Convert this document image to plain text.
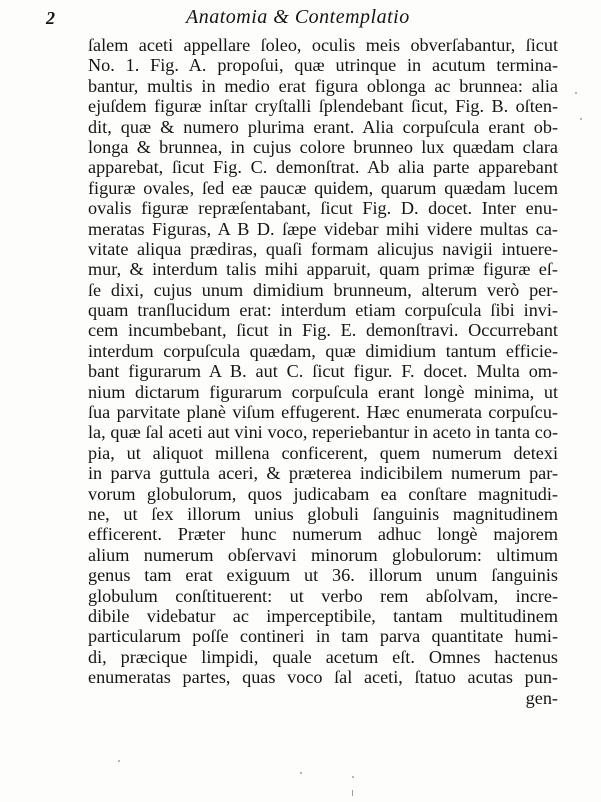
2	Anatomia & Contemplatio
ſalem aceti appellare ſoleo, oculis meis obverſabantur, ſicut
No. 1. Fig. A. propoſui, quæ utrinque in acutum termina-
bantur, multis in medio erat figura oblonga ac brunnea: alia
ejuſdem figuræ inſtar cryſtalli ſplendebant ſicut, Fig. B. oſten-
dit, quæ & numero plurima erant. Alia corpuſcula erant ob-
longa & brunnea, in cujus colore brunneo lux quædam clara
apparebat, ſicut Fig. C. demonſtrat. Ab alia parte apparebant
figuræ ovales, ſed eæ paucæ quidem, quarum quædam lucem
ovalis figuræ repræſentabant, ſicut Fig. D. docet. Inter enu-
meratas Figuras, A B D. ſæpe videbar mihi videre multas ca-
vitate aliqua prædiras, quaſi formam alicujus navigii intuere-
mur, & interdum talis mihi apparuit, quam primæ figuræ eſ-
ſe dixi, cujus unum dimidium brunneum, alterum verò per-
quam tranſlucidum erat: interdum etiam corpuſcula ſibi invi-
cem incumbebant, ſicut in Fig. E. demonſtravi. Occurrebant
interdum corpuſcula quædam, quæ dimidium tantum efficie-
bant figurarum A B. aut C. ſicut figur. F. docet. Multa om-
nium dictarum figurarum corpuſcula erant longè minima, ut
ſua parvitate planè viſum effugerent. Hæc enumerata corpuſcu-
la, quæ ſal aceti aut vini voco, reperiebantur in aceto in tanta co-
pia, ut aliquot millena conficerent, quem numerum detexi
in parva guttula aceri, & præterea indicibilem numerum par-
vorum globulorum, quos judicabam ea conſtare magnitudi-
ne, ut ſex illorum unius globuli ſanguinis magnitudinem
efficerent. Præter hunc numerum adhuc longè majorem
alium numerum obſervavi minorum globulorum: ultimum
genus tam erat exiguum ut 36. illorum unum ſanguinis
globulum conſtituerent: ut verbo rem abſolvam, incre-
dibile videbatur ac imperceptibile, tantam multitudinem
particularum poſſe contineri in tam parva quantitate humi-
di, præcique limpidi, quale acetum eſt. Omnes hactenus
enumeratas partes, quas voco ſal aceti, ſtatuo acutas pun-
gen-
